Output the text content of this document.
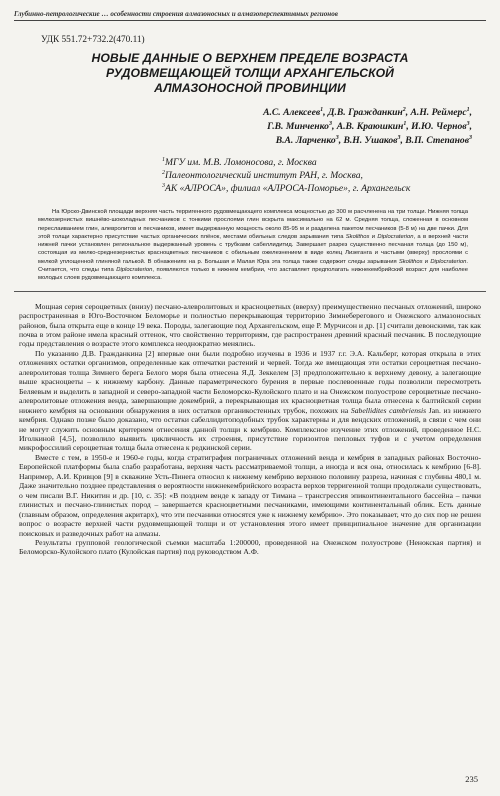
Глубинно-петрологические … особенности строения алмазоносных и алмазоперспективных регионов
УДК 551.72+732.2(470.11)
НОВЫЕ ДАННЫЕ О ВЕРХНЕМ ПРЕДЕЛЕ ВОЗРАСТА
РУДОВМЕЩАЮЩЕЙ ТОЛЩИ АРХАНГЕЛЬСКОЙ
АЛМАЗОНОСНОЙ ПРОВИНЦИИ
А.С. Алексеев$^1$, Д.В. Гражданкин$^2$, А.Н. Реймерс$^1$,
Г.В. Минченко$^3$, А.В. Краюшкин$^1$, И.Ю. Чернов$^3$,
В.А. Ларченко$^3$, В.Н. Ушаков$^3$, В.П. Степанов$^3$
$^1$МГУ им. М.В. Ломоносова, г. Москва
$^2$Палеонтологический институт РАН, г. Москва,
$^3$АК «АЛРОСА», филиал «АЛРОСА-Поморье», г. Архангельск
На Юрско-Двинской площади верхняя часть терригенного рудовмещающего комплекса мощностью до 300 м расчленена на три толщи. Нижняя толща мелкозернистых вишнёво-шоколадных песчаников с тонкими прослоями глин вскрыта максимально на 62 м. Средняя толща, сложенная в основном переслаиванием глин, алевролитов и песчаников, имеет выдержанную мощность около 85-95 м и разделена пакетом песчаников (5-8 м) на две пачки. Для этой толщи характерно присутствие частых органических плёнок, местами обильных следов зарывания типа Skolithos и Diplocraterion, а в верхней части нижней пачки установлен региональное выдержанный уровень с трубками сабеллидитид. Завершает разрез существенно песчаная толща (до 150 м), состоящая из мелко-среднезернистых красноцветных песчаников с обильным ожелезнением в виде колец Лизеганга и частыми (вверху) прослоями с мелкой уплощенной глиняной галькой. В обнажениях на р. Большая и Малая Юра эта толща также содержит следы зарывания Skolithos и Diplocraterion. Считается, что следы типа Diplocraterion, появляются только в нижнем кембрии, что заставляет предполагать нижнекембрийский возраст для наиболее молодых слоев рудовмещающего комплекса.

Мощная серия сероцветных (внизу) песчано-алевролитовых и красноцветных (вверху) преимущественно песчаных отложений, широко распространенная в Юго-Восточном Беломорье и полностью перекрывающая территорию Зимнеберегового и Онежского алмазоносных районов, была открыта еще в конце 19 века. Породы, залегающие под Архангельском, еще Р. Мурчисон и др. [1] считали девонскими, так как почва в этом районе имела красный оттенок, что свойственно территориям, где распространен древний красный песчаник. В последующие годы представления о возрасте этого комплекса неоднократно менялись.

По указанию Д.В. Гражданкина [2] впервые они были подробно изучены в 1936 и 1937 г.г. Э.А. Кальберг, которая открыла в этих отложениях остатки организмов, определенные как отпечатки растений и червей. Тогда же вмещающая эти остатки сероцветная песчано-алевролитовая толща Зимнего берега Белого моря была отнесена Я.Д. Зеккелем [3] предположительно к верхнему девону, а залегающие выше красноцветы – к нижнему карбону. Данные параметрического бурения в первые послевоенные годы позволили пересмотреть Беляевым и выделить в западной и северо-западной части Беломорско-Кулойского плато и на Онежском полуострове сероцветные песчано-алевролитовые отложения венда, завершающие докембрий, а перекрывающая их красноцветная толща была отнесена к балтийской серии нижнего кембрия на основании обнаружения в них остатков органикостенных трубок, похожих на Sabellidites cambriensis Jan. из нижнего кембрия. Однако позже было доказано, что остатки сабеллидитоподобных трубок характерны и для вендских отложений, в связи с чем они не могут служить основным критерием отнесения данной толщи к кембрию. Комплексное изучение этих отложений, проведенное Н.С. Иголкиной [4,5], позволило выявить цикличность их строения, присутствие горизонтов пепловых туфов и с учетом определения микрофоссилий сероцветная толща была отнесена к редкинской серии.

Вместе с тем, в 1950-е и 1960-е годы, когда стратиграфия пограничных отложений венда и кембрия в западных районах Восточно-Европейской платформы была слабо разработана, верхняя часть рассматриваемой толщи, а иногда и вся она, относилась к кембрию [6-8]. Например, А.И. Кривцов [9] в скважине Усть-Пинега относил к нижнему кембрию верхнюю половину разреза, начиная с глубины 480,1 м. Даже значительно позднее представления о вероятности нижнекембрийского возраста верхов терригенной толщи продолжали существовать, о чем писали В.Г. Никитин и др. [10, с. 35]: «В позднем венде к западу от Тимана – трансгрессия эпиконтинентального бассейна – пачки глинистых и песчано-глинистых пород – завершается красноцветными песчаниками, имеющими континентальный облик. Есть данные (главным образом, определения акритарх), что эти песчаники относятся уже к нижнему кембрию». Это показывает, что до сих пор не решен вопрос о возрасте верхней части рудовмещающей толщи и от установления этого имеет принципиальное значение для организации поисковых и разведочных работ на алмазы.

Результаты групповой геологической съемки масштаба 1:200000, проведенной на Онежском полуострове (Ненокская партия) и Беломорско-Кулойского плато (Кулойская партия) под руководством А.Ф.

235
